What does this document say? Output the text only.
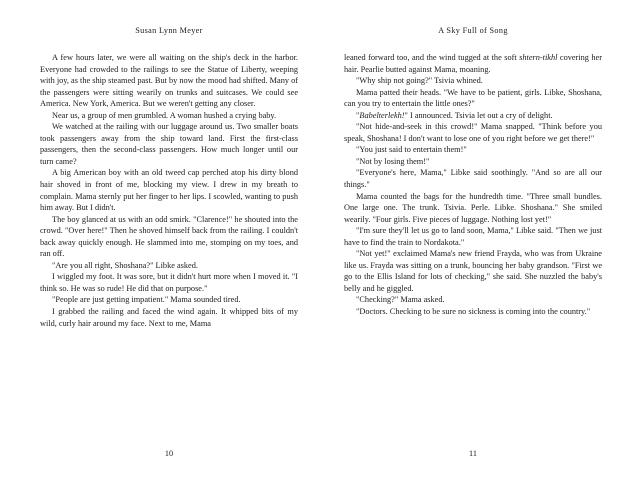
Susan Lynn Meyer

A few hours later, we were all waiting on the ship's deck in the harbor. Everyone had crowded to the railings to see the Statue of Liberty, weeping with joy, as the ship steamed past. But by now the mood had shifted. Many of the passengers were sitting wearily on trunks and suitcases. We could see America. New York, America. But we weren't getting any closer.

Near us, a group of men grumbled. A woman hushed a crying baby.

We watched at the railing with our luggage around us. Two smaller boats took passengers away from the ship toward land. First the first-class passengers, then the second-class passengers. How much longer until our turn came?

A big American boy with an old tweed cap perched atop his dirty blond hair shoved in front of me, blocking my view. I drew in my breath to complain. Mama sternly put her finger to her lips. I scowled, wanting to push him away. But I didn't.

The boy glanced at us with an odd smirk. "Clarence!" he shouted into the crowd. "Over here!" Then he shoved himself back from the railing. I couldn't back away quickly enough. He slammed into me, stomping on my toes, and ran off.

"Are you all right, Shoshana?" Libke asked.

I wiggled my foot. It was sore, but it didn't hurt more when I moved it. "I think so. He was so rude! He did that on purpose."

"People are just getting impatient." Mama sounded tired.

I grabbed the railing and faced the wind again. It whipped bits of my wild, curly hair around my face. Next to me, Mama

10
A Sky Full of Song

leaned forward too, and the wind tugged at the soft shtern-tikhl covering her hair. Pearlie butted against Mama, moaning.

"Why ship not going?" Tsivia whined.

Mama patted their heads. "We have to be patient, girls. Libke, Shoshana, can you try to entertain the little ones?"

"Babelterlekh!" I announced. Tsivia let out a cry of delight.

"Not hide-and-seek in this crowd!" Mama snapped. "Think before you speak, Shoshana! I don't want to lose one of you right before we get there!"

"You just said to entertain them!"

"Not by losing them!"

"Everyone's here, Mama," Libke said soothingly. "And so are all our things."

Mama counted the bags for the hundredth time. "Three small bundles. One large one. The trunk. Tsivia. Perle. Libke. Shoshana." She smiled wearily. "Four girls. Five pieces of luggage. Nothing lost yet!"

"I'm sure they'll let us go to land soon, Mama," Libke said. "Then we just have to find the train to Nordakota."

"Not yet!" exclaimed Mama's new friend Frayda, who was from Ukraine like us. Frayda was sitting on a trunk, bouncing her baby grandson. "First we go to the Ellis Island for lots of checking," she said. She nuzzled the baby's belly and he giggled.

"Checking?" Mama asked.

"Doctors. Checking to be sure no sickness is coming into the country."

11
